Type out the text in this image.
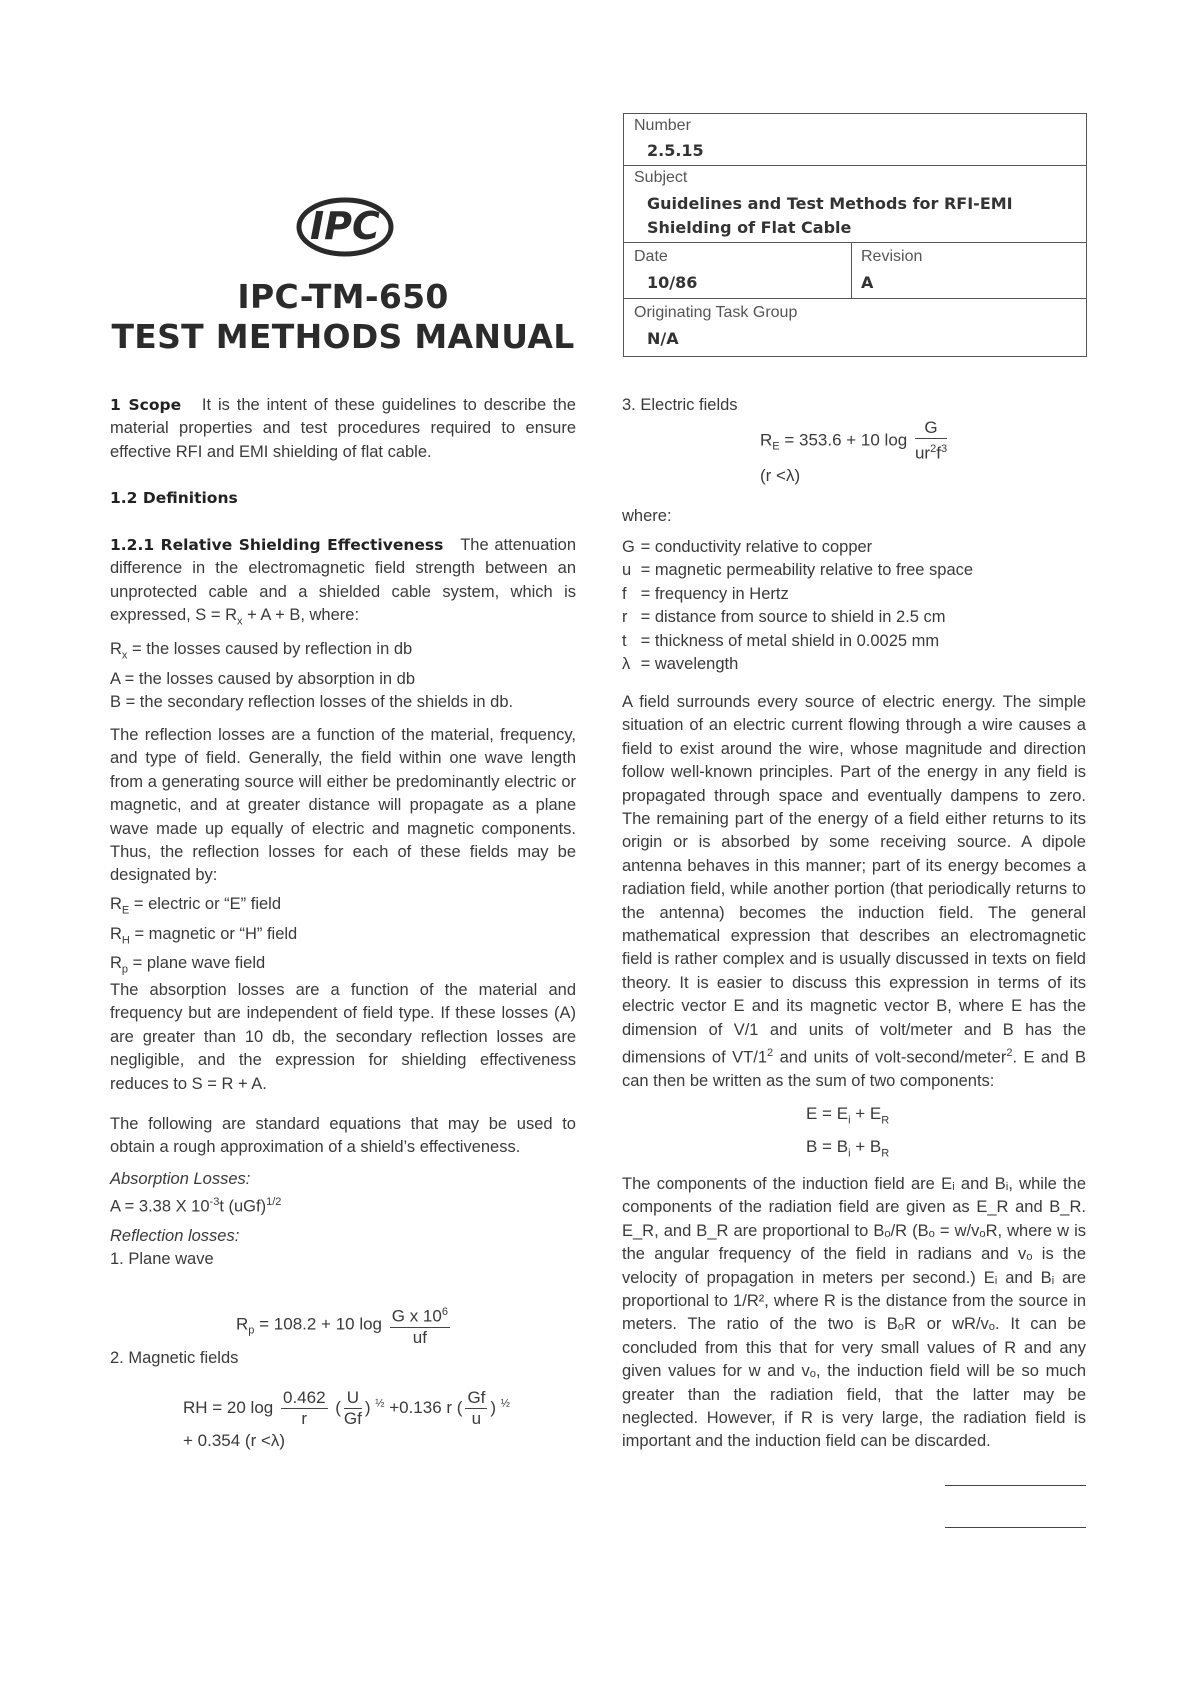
IPC
IPC-TM-650
TEST METHODS MANUAL
Number
2.5.15
Subject
Guidelines and Test Methods for RFI-EMI Shielding of Flat Cable
Date
10/86
Revision
A
Originating Task Group
N/A
1 Scope It is the intent of these guidelines to describe the material properties and test procedures required to ensure effective RFI and EMI shielding of flat cable.
1.2 Definitions
1.2.1 Relative Shielding Effectiveness The attenuation difference in the electromagnetic field strength between an unprotected cable and a shielded cable system, which is expressed, $S = R_x + A + B$, where:
$R_x$ = the losses caused by reflection in db
A = the losses caused by absorption in db
B = the secondary reflection losses of the shields in db.
The reflection losses are a function of the material, frequency, and type of field. Generally, the field within one wave length from a generating source will either be predominantly electric or magnetic, and at greater distance will propagate as a plane wave made up equally of electric and magnetic components. Thus, the reflection losses for each of these fields may be designated by:
$R_E$ = electric or “E” field
$R_H$ = magnetic or “H” field
$R_p$ = plane wave field
The absorption losses are a function of the material and frequency but are independent of field type. If these losses (A) are greater than 10 db, the secondary reflection losses are negligible, and the expression for shielding effectiveness reduces to S = R + A.
The following are standard equations that may be used to obtain a rough approximation of a shield’s effectiveness.
Absorption Losses:
A = 3.38 X $10^{-3}t$ (uGf)$^{1/2}$
Reflection losses:
1. Plane wave
$R_p = 108.2 + 10$ $\log \frac{G x 10^6}{uf}$
2. Magnetic fields
RH = 20 $\log \frac{0.462}{r}$ ( $\frac{U}{Gf}$ ) $^{\frac{1}{2}}$ +0.136 r ( $\frac{Gf}{u}$ ) $^{\frac{1}{2}}$
+ 0.354 (r <λ)
3. Electric fields
$R_E = 353.6 + 10$ $\log \frac{G}{ur^2f^3}$
(r <λ)
where:
G = conductivity relative to copper
u = magnetic permeability relative to free space
f = frequency in Hertz
r = distance from source to shield in 2.5 cm
t = thickness of metal shield in 0.0025 mm
λ = wavelength
A field surrounds every source of electric energy. The simple situation of an electric current flowing through a wire causes a field to exist around the wire, whose magnitude and direction follow well-known principles. Part of the energy in any field is propagated through space and eventually dampens to zero. The remaining part of the energy of a field either returns to its origin or is absorbed by some receiving source. A dipole antenna behaves in this manner; part of its energy becomes a radiation field, while another portion (that periodically returns to the antenna) becomes the induction field. The general mathematical expression that describes an electromagnetic field is rather complex and is usually discussed in texts on field theory. It is easier to discuss this expression in terms of its electric vector E and its magnetic vector B, where E has the dimension of V/1 and units of volt/meter and B has the dimensions of $VT/1^2$ and units of volt-second/meter$^2$. E and B can then be written as the sum of two components:
$E = E_i + E_R$
$B = B_i + B_R$
The components of the induction field are Eᵢ and Bᵢ, while the components of the radiation field are given as E_R and B_R. E_R, and B_R are proportional to Bₒ/R (Bₒ = w/vₒR, where w is the angular frequency of the field in radians and vₒ is the velocity of propagation in meters per second.) Eᵢ and Bᵢ are proportional to 1/R², where R is the distance from the source in meters. The ratio of the two is BₒR or wR/vₒ. It can be concluded from this that for very small values of R and any given values for w and vₒ, the induction field will be so much greater than the radiation field, that the latter may be neglected. However, if R is very large, the radiation field is important and the induction field can be discarded.
